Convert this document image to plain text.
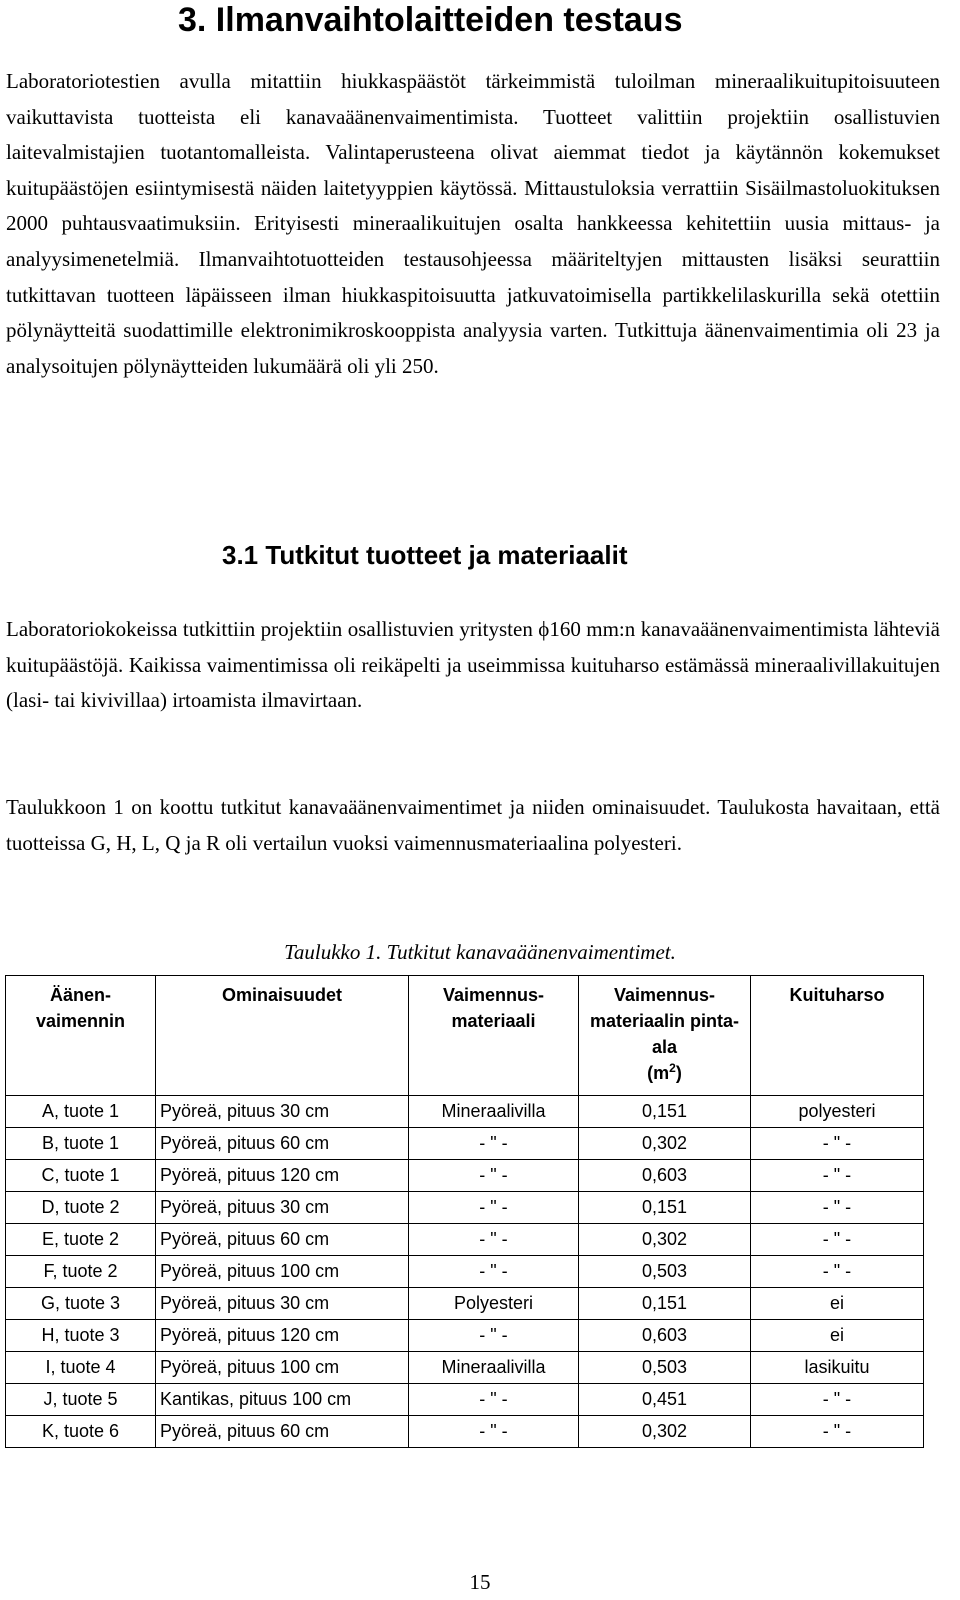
3. Ilmanvaihtolaitteiden testaus

Laboratoriotestien avulla mitattiin hiukkaspäästöt tärkeimmistä tuloilman mineraalikuitupitoisuuteen vaikuttavista tuotteista eli kanavaäänenvaimentimista. Tuotteet valittiin projektiin osallistuvien laitevalmistajien tuotantomalleista. Valintaperusteena olivat aiemmat tiedot ja käytännön kokemukset kuitupäästöjen esiintymisestä näiden laitetyyppien käytössä. Mittaustuloksia verrattiin Sisäilmastoluokituksen 2000 puhtausvaatimuksiin. Erityisesti mineraalikuitujen osalta hankkeessa kehitettiin uusia mittaus- ja analyysimenetelmiä. Ilmanvaihtotuotteiden testausohjeessa määriteltyjen mittausten lisäksi seurattiin tutkittavan tuotteen läpäisseen ilman hiukkaspitoisuutta jatkuvatoimisella partikkelilaskurilla sekä otettiin pölynäytteitä suodattimille elektronimikroskooppista analyysia varten. Tutkittuja äänenvaimentimia oli 23 ja analysoitujen pölynäytteiden lukumäärä oli yli 250.

3.1 Tutkitut tuotteet ja materiaalit

Laboratoriokokeissa tutkittiin projektiin osallistuvien yritysten ϕ160 mm:n kanavaäänenvaimentimista lähteviä kuitupäästöjä. Kaikissa vaimentimissa oli reikäpelti ja useimmissa kuituharso estämässä mineraalivillakuitujen (lasi- tai kivivillaa) irtoamista ilmavirtaan.

Taulukkoon 1 on koottu tutkitut kanavaäänenvaimentimet ja niiden ominaisuudet. Taulukosta havaitaan, että tuotteissa G, H, L, Q ja R oli vertailun vuoksi vaimennusmateriaalina polyesteri.

Taulukko 1. Tutkitut kanavaäänenvaimentimet.

Äänen-vaimennin	Ominaisuudet	Vaimennus-materiaali	Vaimennus-materiaalin pinta-ala
$(m^2)$	Kuituharso
A, tuote 1	Pyöreä, pituus 30 cm	Mineraalivilla	0,151	polyesteri
B, tuote 1	Pyöreä, pituus 60 cm	- " -	0,302	- " -
C, tuote 1	Pyöreä, pituus 120 cm	- " -	0,603	- " -
D, tuote 2	Pyöreä, pituus 30 cm	- " -	0,151	- " -
E, tuote 2	Pyöreä, pituus 60 cm	- " -	0,302	- " -
F, tuote 2	Pyöreä, pituus 100 cm	- " -	0,503	- " -
G, tuote 3	Pyöreä, pituus 30 cm	Polyesteri	0,151	ei
H, tuote 3	Pyöreä, pituus 120 cm	- " -	0,603	ei
I, tuote 4	Pyöreä, pituus 100 cm	Mineraalivilla	0,503	lasikuitu
J, tuote 5	Kantikas, pituus 100 cm	- " -	0,451	- " -
K, tuote 6	Pyöreä, pituus 60 cm	- " -	0,302	- " -

15
